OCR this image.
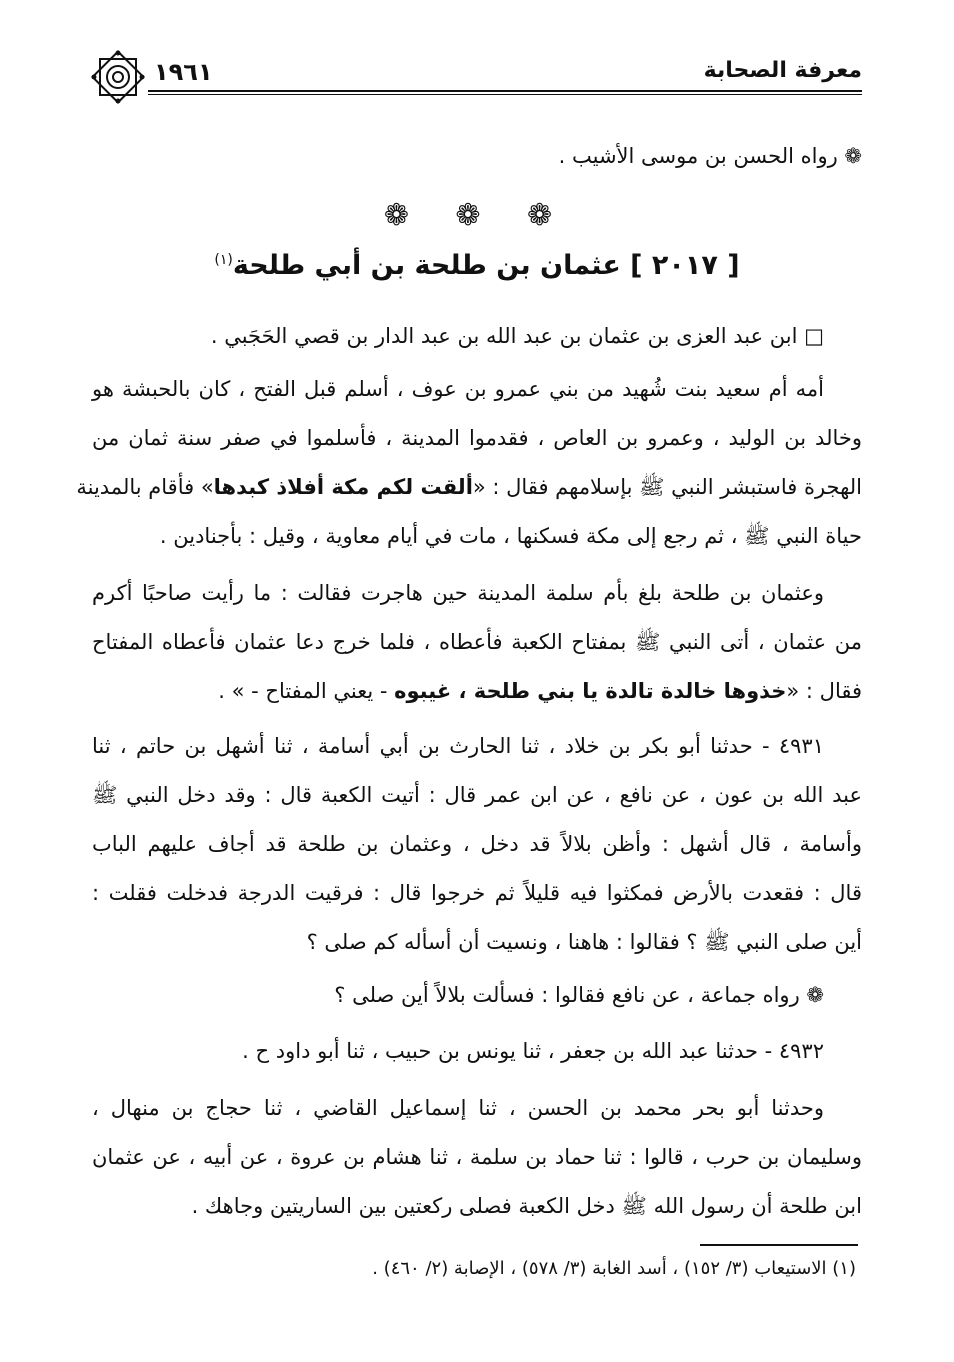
١٩٦١	معرفة الصحابة
❁ رواه الحسن بن موسى الأشيب .
❁ ❁ ❁
[ ٢٠١٧ ] عثمان بن طلحة بن أبي طلحة$^{(١)}$
□ ابن عبد العزى بن عثمان بن عبد الله بن عبد الدار بن قصي الحَجَبي .
أمه أم سعيد بنت شُهيد من بني عمرو بن عوف ، أسلم قبل الفتح ، كان بالحبشة هو
وخالد بن الوليد ، وعمرو بن العاص ، فقدموا المدينة ، فأسلموا في صفر سنة ثمان من
الهجرة فاستبشر النبي ﷺ بإسلامهم فقال : «ألقت لكم مكة أفلاذ كبدها» فأقام بالمدينة
حياة النبي ﷺ ، ثم رجع إلى مكة فسكنها ، مات في أيام معاوية ، وقيل : بأجنادين .
وعثمان بن طلحة بلغ بأم سلمة المدينة حين هاجرت فقالت : ما رأيت صاحبًا أكرم
من عثمان ، أتى النبي ﷺ بمفتاح الكعبة فأعطاه ، فلما خرج دعا عثمان فأعطاه المفتاح
فقال : «خذوها خالدة تالدة يا بني طلحة ، غيبوه - يعني المفتاح - » .
٤٩٣١ - حدثنا أبو بكر بن خلاد ، ثنا الحارث بن أبي أسامة ، ثنا أشهل بن حاتم ، ثنا
عبد الله بن عون ، عن نافع ، عن ابن عمر قال : أتيت الكعبة قال : وقد دخل النبي ﷺ
وأسامة ، قال أشهل : وأظن بلالاً قد دخل ، وعثمان بن طلحة قد أجاف عليهم الباب
قال : فقعدت بالأرض فمكثوا فيه قليلاً ثم خرجوا قال : فرقيت الدرجة فدخلت فقلت :
أين صلى النبي ﷺ ؟ فقالوا : هاهنا ، ونسيت أن أسأله كم صلى ؟
❁ رواه جماعة ، عن نافع فقالوا : فسألت بلالاً أين صلى ؟
٤٩٣٢ - حدثنا عبد الله بن جعفر ، ثنا يونس بن حبيب ، ثنا أبو داود ح .
وحدثنا أبو بحر محمد بن الحسن ، ثنا إسماعيل القاضي ، ثنا حجاج بن منهال ،
وسليمان بن حرب ، قالوا : ثنا حماد بن سلمة ، ثنا هشام بن عروة ، عن أبيه ، عن عثمان
ابن طلحة أن رسول الله ﷺ دخل الكعبة فصلى ركعتين بين الساريتين وجاهك .
(١) الاستيعاب (٣/ ١٥٢) ، أسد الغابة (٣/ ٥٧٨) ، الإصابة (٢/ ٤٦٠) .
